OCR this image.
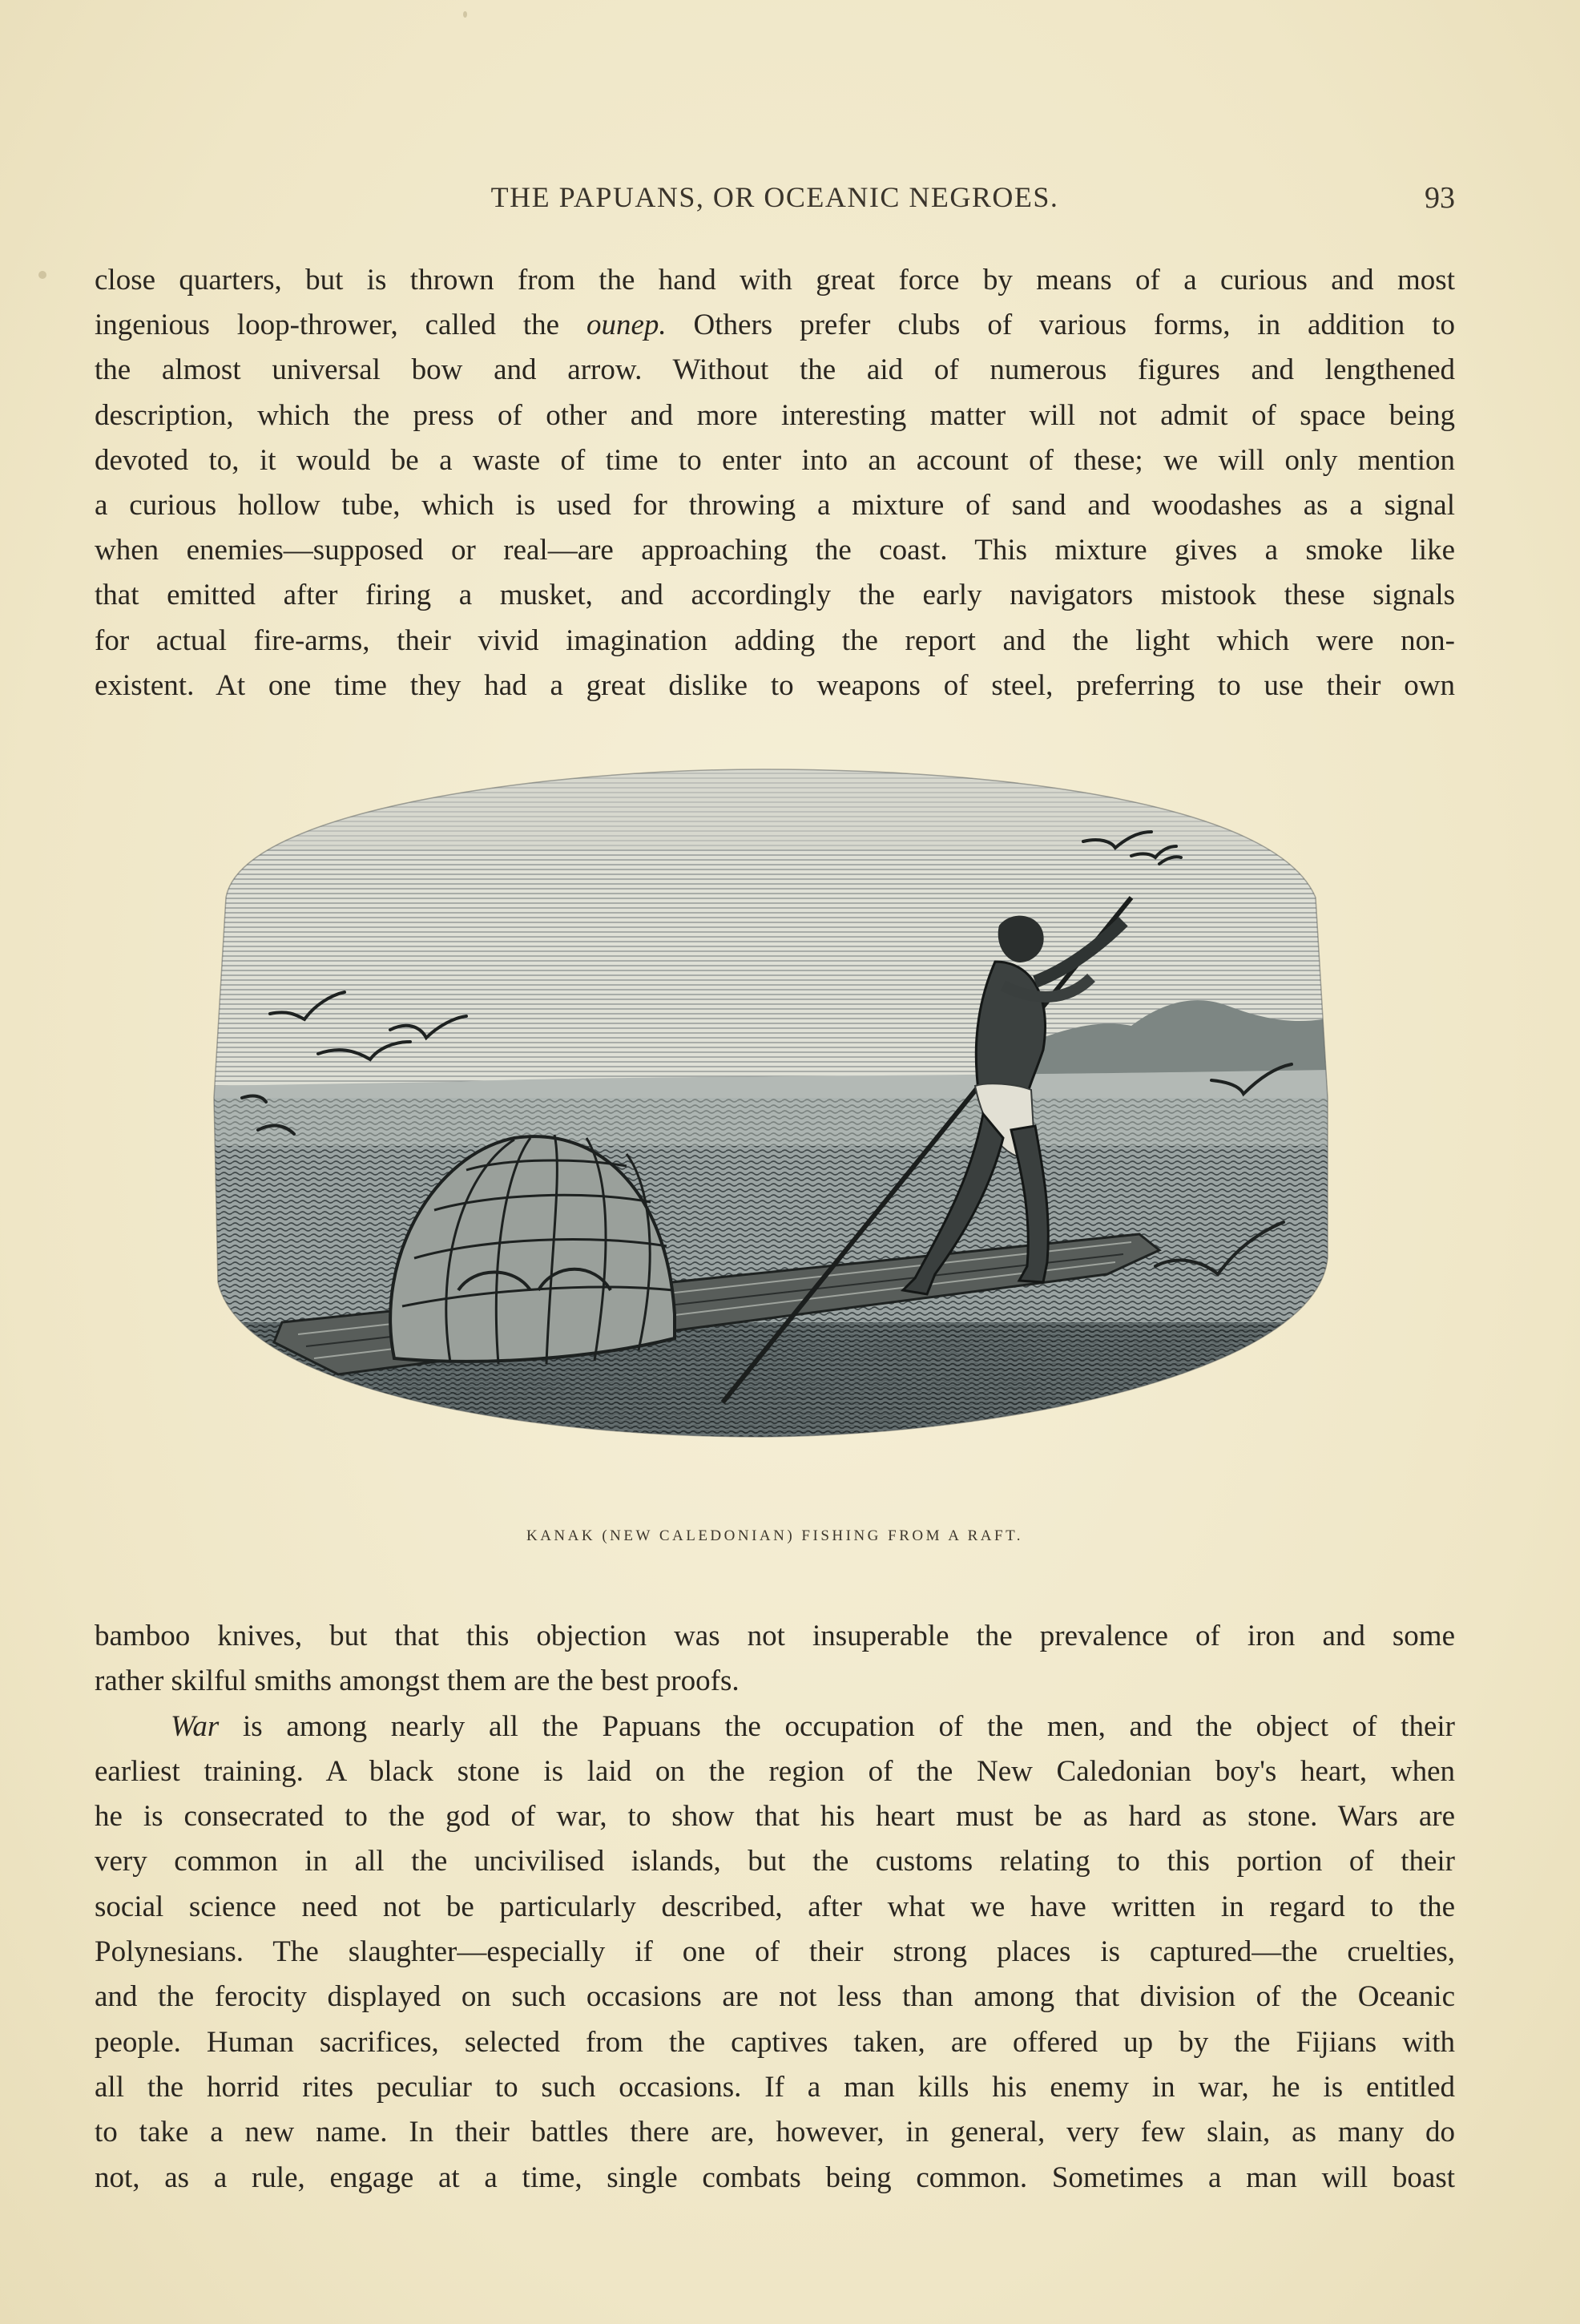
THE PAPUANS, OR OCEANIC NEGROES.	93
close quarters, but is thrown from the hand with great force by means of a curious and most
ingenious loop-thrower, called the ounep. Others prefer clubs of various forms, in addition to
the almost universal bow and arrow. Without the aid of numerous figures and lengthened
description, which the press of other and more interesting matter will not admit of space being
devoted to, it would be a waste of time to enter into an account of these; we will only mention
a curious hollow tube, which is used for throwing a mixture of sand and woodashes as a signal
when enemies—supposed or real—are approaching the coast. This mixture gives a smoke like
that emitted after firing a musket, and accordingly the early navigators mistook these signals
for actual fire-arms, their vivid imagination adding the report and the light which were non-
existent. At one time they had a great dislike to weapons of steel, preferring to use their own
KANAK (NEW CALEDONIAN) FISHING FROM A RAFT.
bamboo knives, but that this objection was not insuperable the prevalence of iron and some
rather skilful smiths amongst them are the best proofs.
War is among nearly all the Papuans the occupation of the men, and the object of their
earliest training. A black stone is laid on the region of the New Caledonian boy's heart, when
he is consecrated to the god of war, to show that his heart must be as hard as stone. Wars are
very common in all the uncivilised islands, but the customs relating to this portion of their
social science need not be particularly described, after what we have written in regard to the
Polynesians. The slaughter—especially if one of their strong places is captured—the cruelties,
and the ferocity displayed on such occasions are not less than among that division of the Oceanic
people. Human sacrifices, selected from the captives taken, are offered up by the Fijians with
all the horrid rites peculiar to such occasions. If a man kills his enemy in war, he is entitled
to take a new name. In their battles there are, however, in general, very few slain, as many do
not, as a rule, engage at a time, single combats being common. Sometimes a man will boast
